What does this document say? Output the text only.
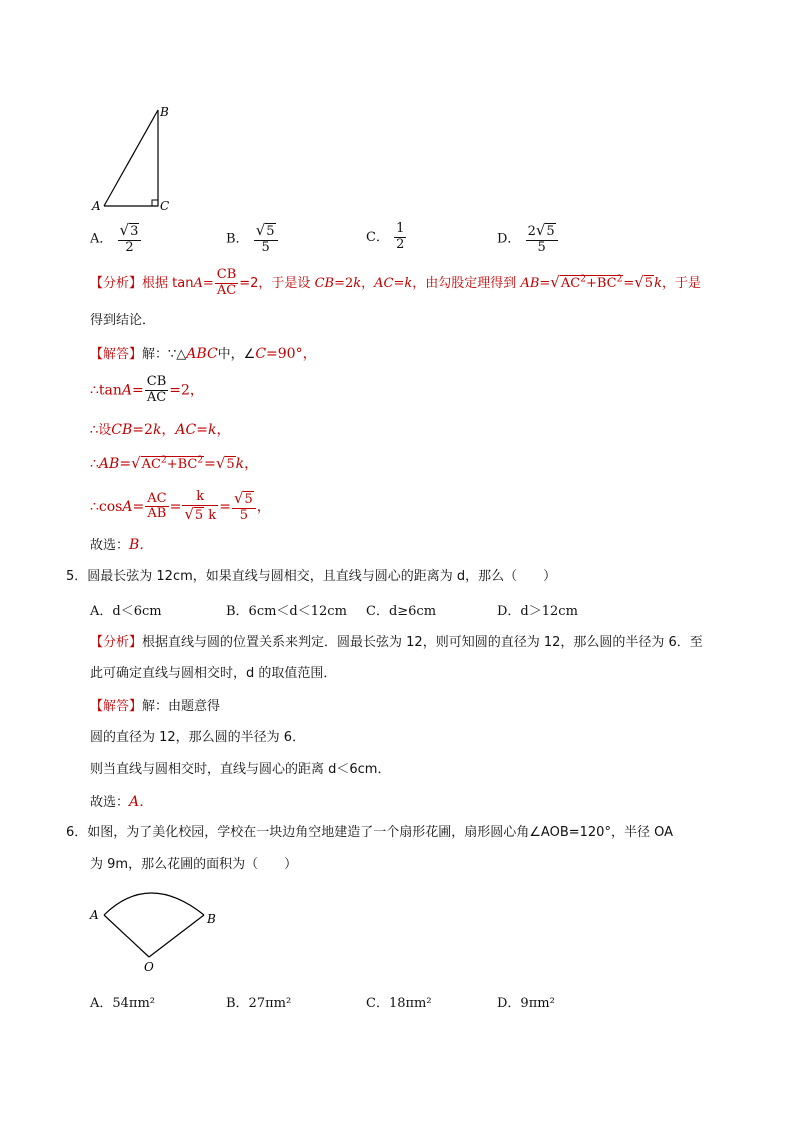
B
A	C
A． $\frac{√3}{2}$	B． $\frac{√5}{5}$	C． $\frac{1}{2}$	D． $\frac{2√5}{5}$
【分析】根据 $\tan A= \frac{CB}{AC} =2$，于是设 CB=2k，AC=k，由勾股定理得到 $AB=√AC^2+BC^2=√5k$，于是
得到结论．
【解答】解：∵△ABC中，∠C=90°，
∴tanA= $\frac{CB}{AC} =2$，
∴设CB=2k，AC=k，
$\therefore AB=√AC^2+BC^2=√5k$，
∴cosA= $\frac{AC}{AB} = \frac{k}{√5 k} = \frac{√5}{5}$ ，
故选：B．
5．圆最长弦为 12cm，如果直线与圆相交，且直线与圆心的距离为 d，那么（　　）
A．d＜6cm	B．6cm＜d＜12cm C．d≥6cm	D．d＞12cm
【分析】根据直线与圆的位置关系来判定．圆最长弦为 12，则可知圆的直径为 12，那么圆的半径为 6．至
此可确定直线与圆相交时，d 的取值范围．
【解答】解：由题意得
圆的直径为 12，那么圆的半径为 6．
则当直线与圆相交时，直线与圆心的距离 d＜6cm．
故选：A．
6．如图，为了美化校园，学校在一块边角空地建造了一个扇形花圃，扇形圆心角∠AOB=120°，半径 OA
为 9m，那么花圃的面积为（　　）
A	B
O
A．54πm²	B．27πm²	C．18πm²	D．9πm²
